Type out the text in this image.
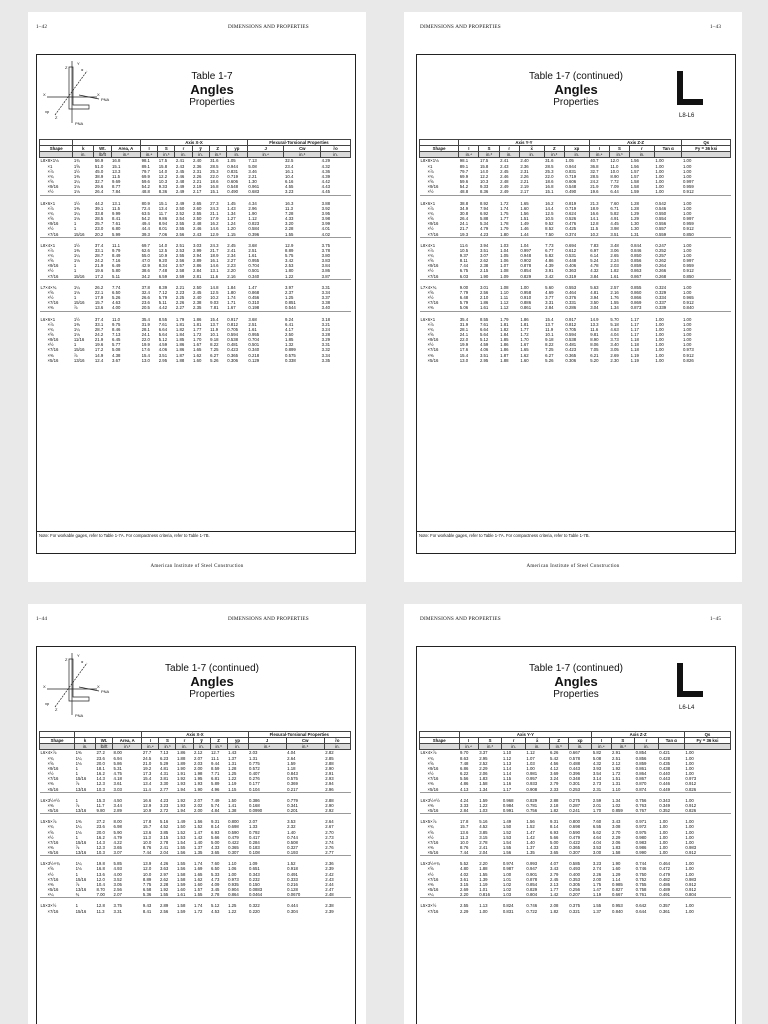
1–42	DIMENSIONS AND PROPERTIES
Z
Y
α
X	X
PNA
PNA
Z
xp
Table 1-7
Angles
Properties
				Axis X-X						Flexural-Torsional Properties		
Shape	k	Wt.	Area, A	I	S	r	ȳ	Z	yp	J	Cw	r̄o
	in.	lb/ft	in.²	in.⁴	in.³	in.	in.	in.³	in.	in.⁴	in.⁶	in.
L8×8×1⅛	1¾	56.9	16.8	98.1	17.5	2.41	2.40	31.6	1.05	7.13	32.5	4.29
×1	1⅝	51.0	15.1	89.1	15.8	2.43	2.36	28.5	0.944	5.08	23.4	4.32
×⅞	1½	45.0	13.3	79.7	14.0	2.45	2.31	25.3	0.831	3.46	16.1	4.36
×¾	1⅜	38.9	11.5	69.9	12.2	2.46	2.26	22.0	0.719	2.21	10.4	4.39
×⅝	1¼	32.7	9.69	59.6	10.3	2.48	2.21	18.6	0.606	1.30	6.16	4.42
×9/16	1⅛	29.6	8.77	54.2	9.33	2.49	2.19	16.8	0.548	0.961	4.55	4.43
×½	1⅛	26.4	7.84	48.8	8.36	2.49	2.17	15.1	0.490	0.683	3.23	4.45

L8×6×1	1½	44.2	13.1	80.9	15.1	2.49	2.65	27.3	1.45	4.34	16.3	3.88
×⅞	1⅜	39.1	11.5	72.4	13.4	2.50	2.60	24.3	1.43	2.96	11.3	3.92
×¾	1¼	33.8	9.99	63.5	11.7	2.52	2.55	21.1	1.34	1.90	7.28	3.95
×⅝	1⅛	28.5	8.41	54.2	9.86	2.54	2.50	17.9	1.27	1.12	4.33	3.98
×9/16	1	25.7	7.61	49.4	8.94	2.55	2.48	16.2	1.24	0.823	3.20	3.99
×½	1	23.0	6.80	44.4	8.01	2.55	2.46	14.6	1.20	0.584	2.28	4.01
×7/16	15/16	20.2	5.99	39.3	7.06	2.56	2.43	12.9	1.15	0.396	1.55	4.02

L8×4×1	1½	37.4	11.1	69.7	14.0	2.51	3.03	24.3	2.45	3.68	12.9	3.75
×⅞	1⅜	33.1	9.79	62.6	12.5	2.53	2.99	21.7	2.41	2.51	8.89	3.78
×¾	1¼	28.7	8.49	55.0	10.9	2.55	2.94	18.9	2.34	1.61	5.75	3.80
×⅝	1⅛	24.2	7.16	47.0	9.20	2.56	2.89	16.1	2.27	0.955	3.42	3.83
×9/16	1	21.9	6.49	42.9	8.34	2.57	2.86	14.6	2.23	0.704	2.53	3.84
×½	1	19.6	5.80	38.6	7.48	2.58	2.84	13.1	2.20	0.501	1.80	3.86
×7/16	15/16	17.2	5.11	34.2	6.59	2.59	2.81	11.6	2.16	0.340	1.22	3.87

L7×4×¾	1¼	26.2	7.74	37.8	8.39	2.21	2.50	14.8	1.84	1.47	3.97	3.31
×⅝	1⅛	22.1	6.50	32.4	7.12	2.23	2.45	12.5	1.80	0.868	2.37	3.34
×½	1	17.9	5.26	26.6	5.79	2.25	2.40	10.2	1.74	0.456	1.25	3.37
×7/16	15/16	15.7	4.63	23.6	5.11	2.26	2.38	9.03	1.71	0.310	0.851	3.38
×⅜	⅞	13.6	4.00	20.5	4.42	2.27	2.35	7.81	1.67	0.198	0.544	3.40

L6×6×1	1½	37.4	11.0	35.4	8.55	1.79	1.86	15.4	0.917	3.68	9.24	3.18
×⅞	1⅜	33.1	9.75	31.9	7.61	1.81	1.81	13.7	0.812	2.51	6.41	3.21
×¾	1¼	28.7	8.46	28.1	6.64	1.82	1.77	11.9	0.705	1.61	4.17	3.24
×⅝	1⅛	24.2	7.13	24.1	5.64	1.84	1.72	10.1	0.594	0.955	2.50	3.28
×9/16	11/16	21.9	6.45	22.0	5.12	1.85	1.70	9.18	0.538	0.704	1.85	3.29
×½	1	19.6	5.77	19.9	4.59	1.86	1.67	8.22	0.481	0.501	1.32	3.31
×7/16	15/16	17.2	5.08	17.6	4.06	1.86	1.65	7.25	0.423	0.340	0.899	3.32
×⅜	⅞	14.9	4.38	15.4	3.51	1.87	1.62	6.27	0.365	0.218	0.575	3.34
×5/16	13/16	12.4	3.67	13.0	2.95	1.88	1.60	5.26	0.306	0.129	0.338	3.35
Note: For workable gages, refer to Table 1-7A. For compactness criteria, refer to Table 1-7B.
American Institute of Steel Construction
DIMENSIONS AND PROPERTIES	1–43
Table 1-7 (continued)
Angles
Properties
L8-L6
	Axis Y-Y						Axis Z-Z				Qs
Shape	I	S	r	x̄	Z	xp	I	S	r	Tan α	Fy = 36 ksi
	in.⁴	in.³	in.	in.	in.³	in.	in.⁴	in.³	in.		
L8×8×1⅛	98.1	17.5	2.41	2.40	31.6	1.05	40.7	12.0	1.56	1.00	1.00
×1	89.1	15.8	2.43	2.36	28.5	0.944	36.8	11.0	1.56	1.00	1.00
×⅞	79.7	14.0	2.45	2.31	25.3	0.831	32.7	10.0	1.57	1.00	1.00
×¾	69.9	12.2	2.46	2.26	22.0	0.719	28.5	8.90	1.57	1.00	1.00
×⅝	59.6	10.3	2.48	2.21	18.6	0.606	24.2	7.72	1.58	1.00	0.997
×9/16	54.2	9.33	2.49	2.19	16.8	0.548	21.9	7.09	1.58	1.00	0.959
×½	48.8	8.36	2.49	2.17	15.1	0.490	19.6	6.44	1.59	1.00	0.912

L8×6×1	38.8	8.92	1.72	1.65	16.2	0.819	21.3	7.60	1.28	0.542	1.00
×⅞	34.9	7.94	1.74	1.60	14.4	0.719	18.9	6.71	1.28	0.546	1.00
×¾	30.8	6.92	1.75	1.56	12.5	0.624	16.6	5.82	1.29	0.550	1.00
×⅝	26.4	5.88	1.77	1.51	10.5	0.526	14.1	4.91	1.29	0.554	0.997
×9/16	24.1	5.34	1.78	1.49	9.52	0.476	12.8	4.45	1.30	0.556	0.959
×½	21.7	4.79	1.79	1.46	8.52	0.425	11.5	3.98	1.30	0.557	0.912
×7/16	19.3	4.23	1.80	1.44	7.50	0.374	10.2	3.51	1.31	0.559	0.850

L8×4×1	11.6	3.94	1.03	1.04	7.73	0.694	7.83	3.48	0.844	0.247	1.00
×⅞	10.5	3.51	1.04	0.997	6.77	0.612	6.97	3.06	0.846	0.252	1.00
×¾	9.37	3.07	1.05	0.948	5.82	0.531	6.14	2.65	0.850	0.257	1.00
×⅝	8.11	2.62	1.06	0.902	4.86	0.448	5.24	2.24	0.856	0.262	0.997
×9/16	7.44	2.38	1.07	0.878	4.39	0.406	4.78	2.03	0.859	0.264	0.959
×½	6.75	2.15	1.08	0.854	3.91	0.363	4.32	1.82	0.863	0.266	0.912
×7/16	6.03	1.90	1.09	0.829	3.42	0.319	3.84	1.61	0.867	0.268	0.850

L7×4×¾	9.00	3.01	1.08	1.00	5.60	0.553	5.63	2.57	0.855	0.324	1.00
×⅝	7.79	2.56	1.10	0.958	4.69	0.464	4.81	2.16	0.860	0.329	1.00
×½	6.48	2.10	1.11	0.910	3.77	0.376	3.94	1.76	0.866	0.334	0.965
×7/16	5.79	1.86	1.12	0.886	3.31	0.331	3.50	1.55	0.869	0.337	0.912
×⅜	5.06	1.61	1.12	0.861	2.84	0.286	3.04	1.34	0.873	0.339	0.840

L6×6×1	35.4	8.55	1.79	1.86	15.4	0.917	14.9	5.70	1.17	1.00	1.00
×⅞	31.9	7.61	1.81	1.81	13.7	0.812	13.3	5.18	1.17	1.00	1.00
×¾	28.1	6.64	1.82	1.77	11.9	0.705	11.6	4.63	1.17	1.00	1.00
×⅝	24.1	5.64	1.84	1.72	10.1	0.594	9.81	4.04	1.17	1.00	1.00
×9/16	22.0	5.12	1.85	1.70	9.18	0.538	8.90	3.73	1.18	1.00	1.00
×½	19.9	4.59	1.86	1.67	8.22	0.481	8.06	3.40	1.18	1.00	1.00
×7/16	17.6	4.06	1.86	1.65	7.25	0.423	7.05	3.05	1.18	1.00	0.973
×⅜	15.4	3.51	1.87	1.62	6.27	0.365	6.21	2.69	1.19	1.00	0.912
×5/16	13.0	2.95	1.88	1.60	5.26	0.306	5.20	2.30	1.19	1.00	0.826
Note: For workable gages, refer to Table 1-7A. For compactness criteria, refer to Table 1-7B.
American Institute of Steel Construction
1–44	DIMENSIONS AND PROPERTIES
Z
Y
α
X	X
PNA
PNA
Z
xp
Table 1-7 (continued)
Angles
Properties
				Axis X-X						Flexural-Torsional Properties		
Shape	k	Wt.	Area, A	I	S	r	ȳ	Z	yp	J	Cw	r̄o
	in.	lb/ft	in.²	in.⁴	in.³	in.	in.	in.³	in.	in.⁴	in.⁶	in.
L6×4×⅞	1⅜	27.2	8.00	27.7	7.13	1.86	2.12	12.7	1.43	2.03	4.04	2.82
×¾	1¼	23.6	6.94	24.5	6.23	1.88	2.07	11.1	1.37	1.31	2.64	2.85
×⅝	1⅛	20.0	5.86	21.0	5.29	1.89	2.03	9.44	1.31	0.775	1.59	2.88
×9/16	1	18.1	5.31	19.2	4.81	1.90	2.00	8.59	1.28	0.572	1.18	2.90
×½	1	16.2	4.75	17.3	4.31	1.91	1.98	7.71	1.25	0.407	0.843	2.91
×7/16	15/16	14.3	4.18	15.4	3.81	1.92	1.95	6.81	1.22	0.276	0.575	2.93
×⅜	⅞	12.3	3.61	13.4	3.30	1.93	1.93	5.89	1.19	0.177	0.369	2.94
×5/16	13/16	10.3	3.03	11.4	2.77	1.94	1.90	4.96	1.15	0.104	0.217	2.96

L6×3½×½	1	15.3	4.50	16.6	4.23	1.92	2.07	7.49	1.50	0.386	0.779	2.88
×⅜	⅞	11.7	3.44	12.9	3.23	1.93	2.02	5.74	1.41	0.168	0.341	2.90
×5/16	13/16	9.80	2.89	10.9	2.72	1.94	2.00	4.84	1.38	0.0990	0.201	2.92

L5×5×⅞	1⅜	27.2	8.00	17.8	5.16	1.49	1.56	9.31	0.800	2.07	3.53	2.64
×¾	1¼	23.6	6.98	15.7	4.52	1.50	1.52	8.14	0.698	1.33	2.32	2.67
×⅝	1⅛	20.0	5.90	13.6	3.85	1.52	1.47	6.93	0.590	0.792	1.40	2.70
×½	1	16.2	4.79	11.3	3.15	1.53	1.42	5.66	0.479	0.417	0.744	2.73
×7/16	15/16	14.3	4.22	10.0	2.78	1.54	1.40	5.00	0.422	0.284	0.508	2.74
×⅜	⅞	12.3	3.65	8.76	2.41	1.55	1.37	4.33	0.365	0.183	0.327	2.76
×5/16	13/16	10.3	3.07	7.44	2.04	1.56	1.35	3.65	0.307	0.108	0.193	2.77

L5×3½×¾	1¼	19.8	5.85	13.9	4.26	1.55	1.74	7.60	1.10	1.09	1.52	2.36
×⅝	1⅛	16.8	4.93	12.0	3.63	1.56	1.69	6.50	1.06	0.651	0.918	2.39
×½	1	13.6	4.00	10.0	2.97	1.58	1.65	5.33	1.00	0.343	0.491	2.42
×7/16	15/16	12.0	3.52	8.89	2.62	1.58	1.62	4.73	0.973	0.232	0.333	2.43
×⅜	⅞	10.4	3.05	7.75	2.28	1.59	1.60	4.09	0.935	0.150	0.216	2.44
×5/16	13/16	8.70	2.56	6.58	1.92	1.60	1.57	3.45	0.904	0.0883	0.128	2.47
×¼	¾	7.00	2.07	5.36	1.55	1.61	1.55	2.78	0.864	0.0464	0.0670	2.48

L5×3×½	1	12.8	3.75	9.43	2.89	1.58	1.74	5.12	1.25	0.322	0.444	2.38
×7/16	15/16	11.3	3.31	8.41	2.56	1.59	1.72	4.53	1.22	0.220	0.304	2.39
DIMENSIONS AND PROPERTIES	1–45
Table 1-7 (continued)
Angles
Properties
L6-L4
	Axis Y-Y						Axis Z-Z				Qs
Shape	I	S	r	x̄	Z	xp	I	S	r	Tan α	Fy = 36 ksi
	in.⁴	in.³	in.	in.	in.³	in.	in.⁴	in.³	in.		
L6×4×⅞	9.70	3.37	1.10	1.12	6.26	0.667	5.82	2.91	0.854	0.421	1.00
×¾	8.63	2.95	1.12	1.07	5.42	0.578	5.08	2.51	0.856	0.428	1.00
×⅝	7.48	2.52	1.13	1.03	4.56	0.488	4.32	2.12	0.859	0.435	1.00
×9/16	6.86	2.29	1.14	1.00	4.12	0.443	3.93	1.92	0.861	0.438	1.00
×½	6.22	2.06	1.14	0.981	3.69	0.396	3.54	1.72	0.864	0.440	1.00
×7/16	5.56	1.83	1.15	0.957	3.24	0.348	3.14	1.51	0.867	0.443	0.973
×⅜	4.86	1.58	1.16	0.933	2.79	0.301	2.73	1.31	0.870	0.446	0.912
×5/16	4.13	1.34	1.17	0.908	2.33	0.253	2.31	1.10	0.874	0.449	0.826

L6×3½×½	4.24	1.59	0.968	0.829	2.88	0.275	2.59	1.34	0.756	0.343	1.00
×⅜	3.33	1.22	0.984	0.781	2.18	0.287	2.01	1.02	0.763	0.349	0.912
×5/16	2.84	1.03	0.991	0.756	1.82	0.241	1.70	0.859	0.767	0.352	0.826

L5×5×⅞	17.8	5.16	1.49	1.56	9.31	0.800	7.60	3.43	0.971	1.00	1.00
×¾	15.7	4.52	1.50	1.52	8.14	0.698	6.55	3.08	0.972	1.00	1.00
×⅝	13.6	3.85	1.52	1.47	6.93	0.590	5.62	2.70	0.975	1.00	1.00
×½	11.3	3.15	1.53	1.42	5.66	0.479	4.64	2.29	0.980	1.00	1.00
×7/16	10.0	2.78	1.54	1.40	5.00	0.422	4.04	2.06	0.983	1.00	1.00
×⅜	8.76	2.41	1.55	1.37	4.33	0.365	3.53	1.83	0.986	1.00	0.983
×5/16	7.44	2.04	1.56	1.35	3.65	0.307	3.00	1.58	0.990	1.00	0.912

L5×3½×¾	5.52	2.20	0.974	0.993	4.07	0.585	3.23	1.90	0.744	0.464	1.00
×⅝	4.80	1.88	0.987	0.947	3.43	0.493	2.74	1.60	0.746	0.472	1.00
×½	4.02	1.55	1.00	0.901	2.79	0.400	2.26	1.29	0.750	0.479	1.00
×7/16	3.61	1.39	1.01	0.878	2.45	0.353	2.00	1.14	0.752	0.482	0.983
×⅜	3.15	1.19	1.02	0.854	2.13	0.305	1.75	0.985	0.755	0.486	0.912
×5/16	2.69	1.01	1.02	0.829	1.77	0.256	1.47	0.827	0.758	0.489	0.912
×¼	2.20	0.816	1.03	0.804	1.42	0.207	1.19	0.667	0.761	0.491	0.804

L5×3×½	2.55	1.13	0.824	0.746	2.08	0.375	1.55	0.953	0.642	0.357	1.00
×7/16	2.29	1.00	0.831	0.722	1.82	0.321	1.37	0.840	0.644	0.361	1.00
